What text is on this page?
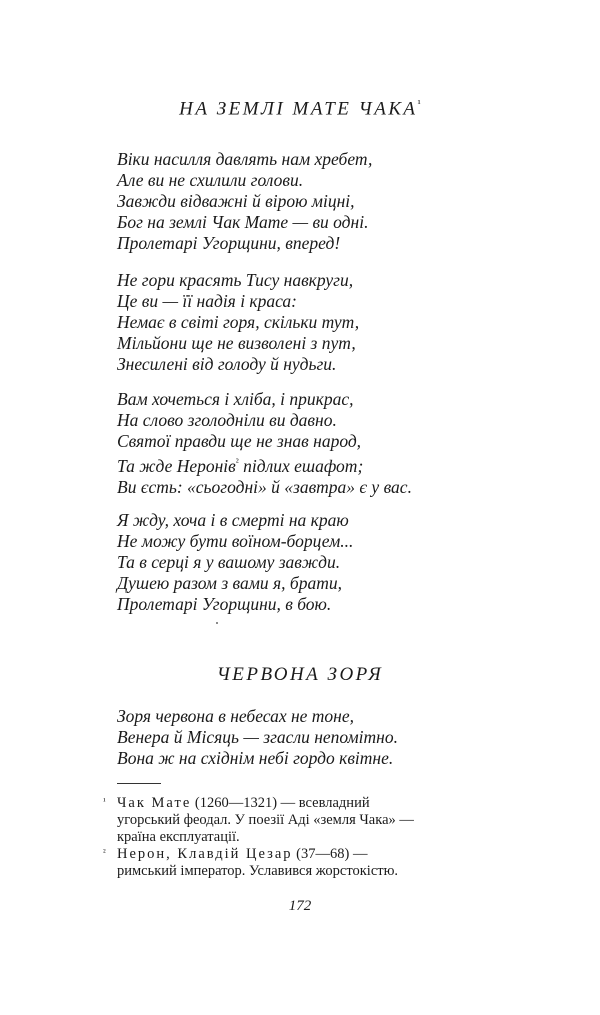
НА ЗЕМЛІ МАТЕ $ЧАКА^{^1}$
Віки насилля давлять нам хребет,
Але ви не схилили голови.
Завжди відважні й вірою міцні,
Бог на землі Чак Мате — ви одні.
Пролетарі Угорщини, вперед!
Не гори красять Тису навкруги,
Це ви — її надія і краса:
Немає в світі горя, скільки тут,
Мільйони ще не визволені з пут,
Знесилені від голоду й нудьги.
Вам хочеться і хліба, і прикрас,
На слово зголодніли ви давно.
Святої правди ще не знав народ,
Та жде Неронів$^{^2}$ підлих ешафот;
Ви єсть: «сьогодні» й «завтра» є у вас.
Я жду, хоча і в смерті на краю
Не можу бути воїном-борцем...
Та в серці я у вашому завжди.
Душею разом з вами я, брати,
Пролетарі Угорщини, в бою.
ЧЕРВОНА ЗОРЯ
Зоря червона в небесах не тоне,
Венера й Місяць — згасли непомітно.
Вона ж на східнім небі гордо квітне.
¹ Чак Мате (1260—1321) — всевладний
угорський феодал. У поезії Аді «земля Чака» —
країна експлуатації.
² Нерон, Клавдій Цезар (37—68) —
римський імператор. Уславився жорстокістю.
172
